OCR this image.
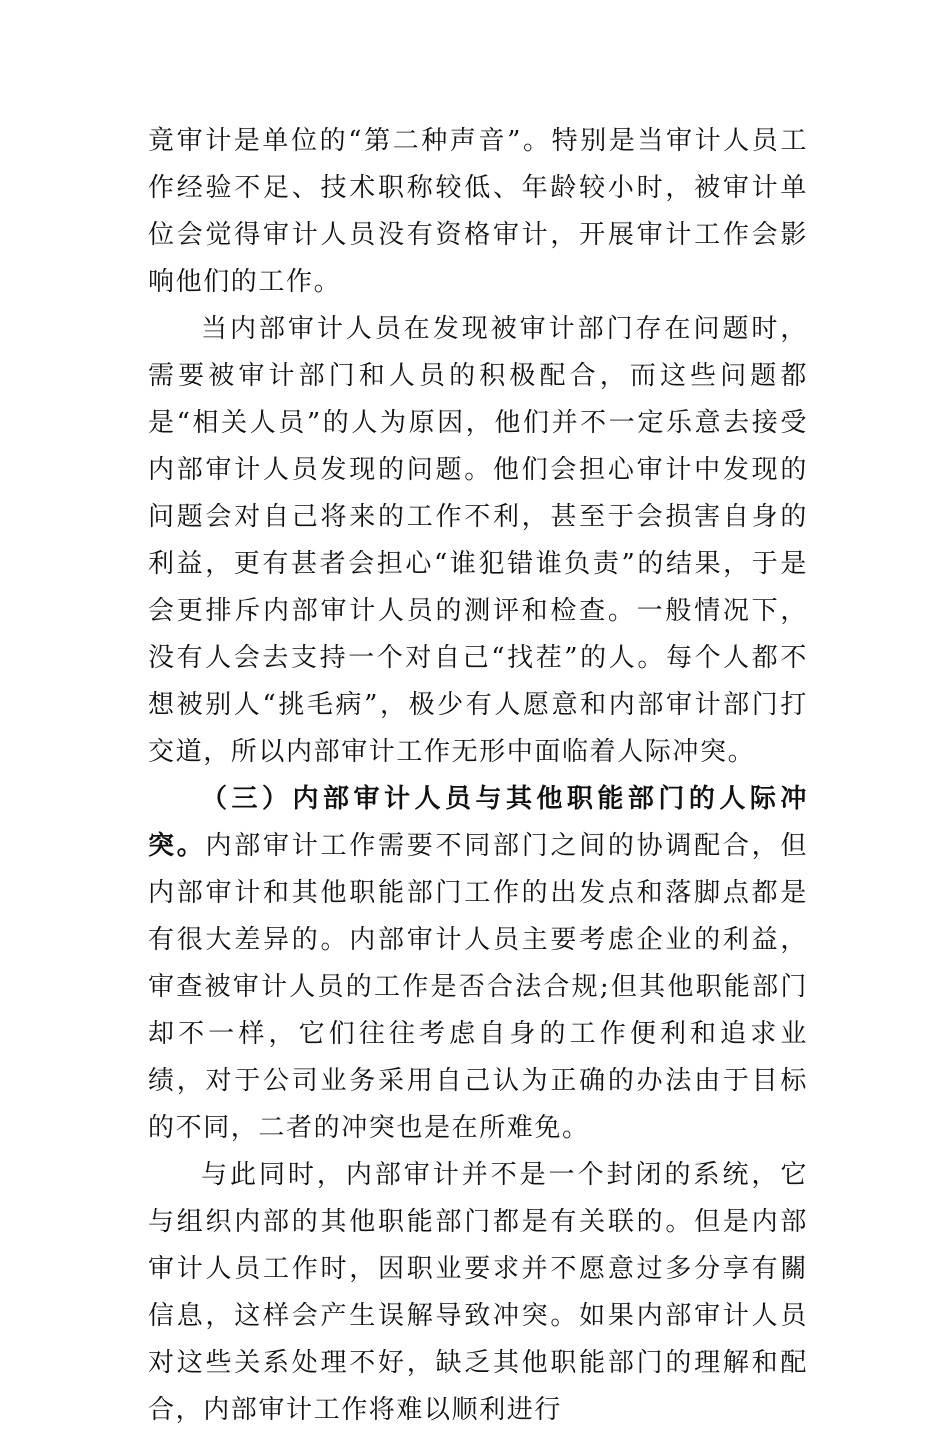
竟审计是单位的“第二种声音”。特别是当审计人员工作经验不足、技术职称较低、年龄较小时，被审计单位会觉得审计人员没有资格审计，开展审计工作会影响他们的工作。

当内部审计人员在发现被审计部门存在问题时，需要被审计部门和人员的积极配合，而这些问题都是“相关人员”的人为原因，他们并不一定乐意去接受内部审计人员发现的问题。他们会担心审计中发现的问题会对自己将来的工作不利，甚至于会损害自身的利益，更有甚者会担心“谁犯错谁负责”的结果，于是会更排斥内部审计人员的测评和检查。一般情况下，没有人会去支持一个对自己“找茬”的人。每个人都不想被别人“挑毛病”，极少有人愿意和内部审计部门打交道，所以内部审计工作无形中面临着人际冲突。

（三）内部审计人员与其他职能部门的人际冲突。内部审计工作需要不同部门之间的协调配合，但内部审计和其他职能部门工作的出发点和落脚点都是有很大差异的。内部审计人员主要考虑企业的利益，审查被审计人员的工作是否合法合规;但其他职能部门却不一样，它们往往考虑自身的工作便利和追求业绩，对于公司业务采用自己认为正确的办法由于目标的不同，二者的冲突也是在所难免。

与此同时，内部审计并不是一个封闭的系统，它与组织内部的其他职能部门都是有关联的。但是内部审计人员工作时，因职业要求并不愿意过多分享有關信息，这样会产生误解导致冲突。如果内部审计人员对这些关系处理不好，缺乏其他职能部门的理解和配合，内部审计工作将难以顺利进行
